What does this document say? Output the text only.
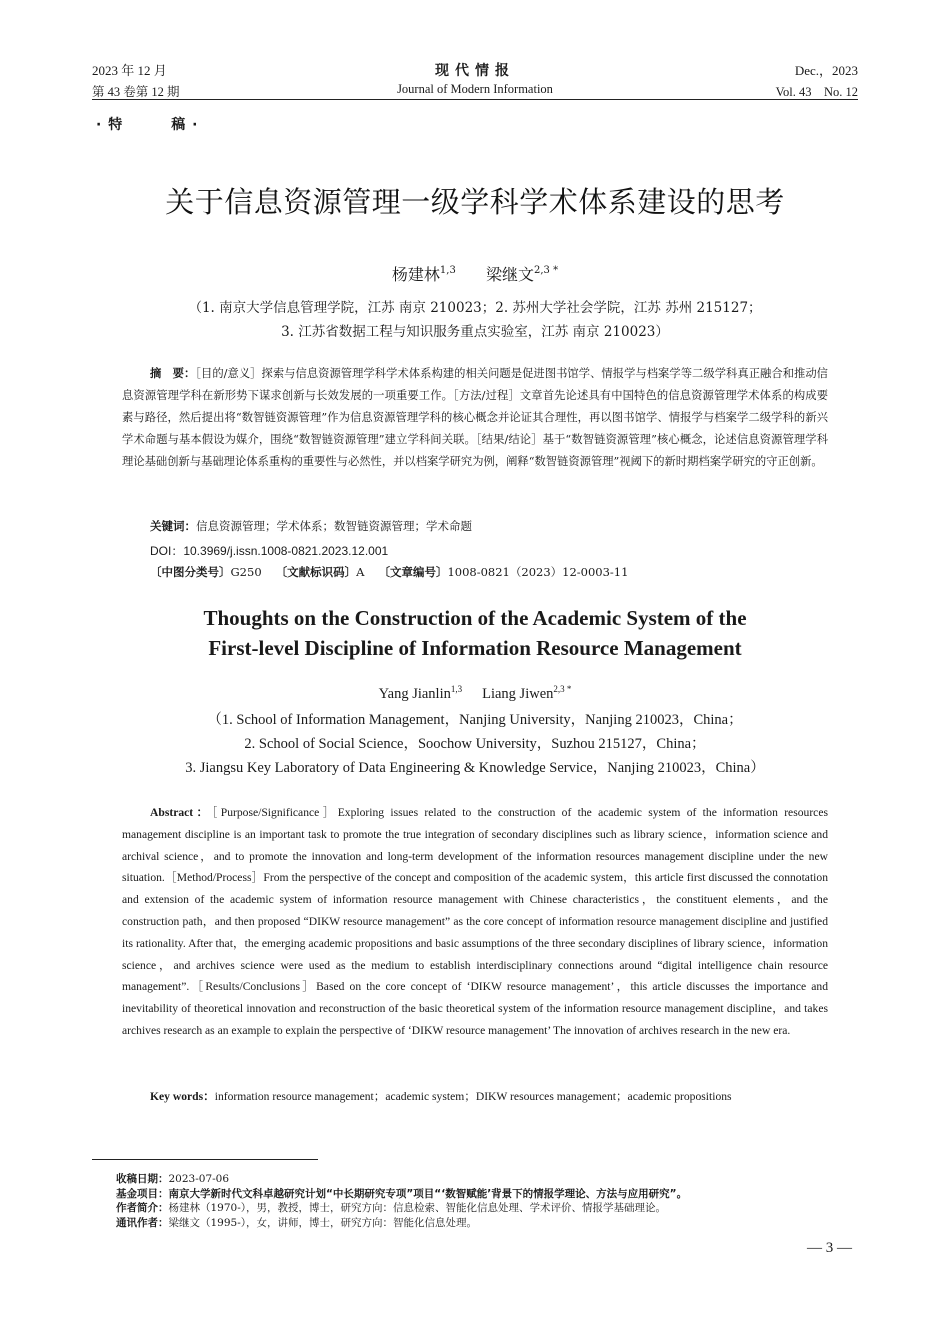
2023 年 12 月	现代情报	Dec.，2023
第 43 卷第 12 期	Journal of Modern Information	Vol. 43　No. 12
· 特	稿 ·
关于信息资源管理一级学科学术体系建设的思考
杨建林$^{1,3}$ 梁继文$^{2,3 *}$
（1. 南京大学信息管理学院，江苏 南京 210023；2. 苏州大学社会学院，江苏 苏州 215127；
3. 江苏省数据工程与知识服务重点实验室，江苏 南京 210023）
摘　要：［目的/意义］探索与信息资源管理学科学术体系构建的相关问题是促进图书馆学、情报学与档案学等二级学科真正融合和推动信息资源管理学科在新形势下谋求创新与长效发展的一项重要工作。［方法/过程］文章首先论述具有中国特色的信息资源管理学术体系的构成要素与路径，然后提出将“数智链资源管理”作为信息资源管理学科的核心概念并论证其合理性，再以图书馆学、情报学与档案学二级学科的新兴学术命题与基本假设为媒介，围绕“数智链资源管理”建立学科间关联。［结果/结论］基于“数智链资源管理”核心概念，论述信息资源管理学科理论基础创新与基础理论体系重构的重要性与必然性，并以档案学研究为例，阐释“数智链资源管理”视阈下的新时期档案学研究的守正创新。
关键词：信息资源管理；学术体系；数智链资源管理；学术命题
DOI：10.3969/j.issn.1008-0821.2023.12.001
〔中图分类号〕G250 〔文献标识码〕A 〔文章编号〕1008-0821（2023）12-0003-11
Thoughts on the Construction of the Academic System of the
First-level Discipline of Information Resource Management
Yang Jianlin$^{1,3}$ Liang Jiwen$^{2,3 *}$
（1. School of Information Management，Nanjing University，Nanjing 210023，China；
2. School of Social Science，Soochow University，Suzhou 215127，China；
3. Jiangsu Key Laboratory of Data Engineering & Knowledge Service，Nanjing 210023，China）
Abstract：［Purpose/Significance］Exploring issues related to the construction of the academic system of the information resources management discipline is an important task to promote the true integration of secondary disciplines such as library science，information science and archival science，and to promote the innovation and long-term development of the information resources management discipline under the new situation.［Method/Process］From the perspective of the concept and composition of the academic system，this article first discussed the connotation and extension of the academic system of information resource management with Chinese characteristics，the constituent elements，and the construction path，and then proposed “DIKW resource management” as the core concept of information resource management discipline and justified its rationality. After that，the emerging academic propositions and basic assumptions of the three secondary disciplines of library science，information science，and archives science were used as the medium to establish interdisciplinary connections around “digital intelligence chain resource management”.［Results/Conclusions］Based on the core concept of ‘DIKW resource management’，this article discusses the importance and inevitability of theoretical innovation and reconstruction of the basic theoretical system of the information resource management discipline，and takes archives research as an example to explain the perspective of ‘DIKW resource management’ The innovation of archives research in the new era.
Key words：information resource management；academic system；DIKW resources management；academic propositions
收稿日期：2023-07-06
基金项目：南京大学新时代文科卓越研究计划“中长期研究专项”项目“‘数智赋能’背景下的情报学理论、方法与应用研究”。
作者简介：杨建林（1970-），男，教授，博士，研究方向：信息检索、智能化信息处理、学术评价、情报学基础理论。
通讯作者：梁继文（1995-），女，讲师，博士，研究方向：智能化信息处理。
— 3 —
